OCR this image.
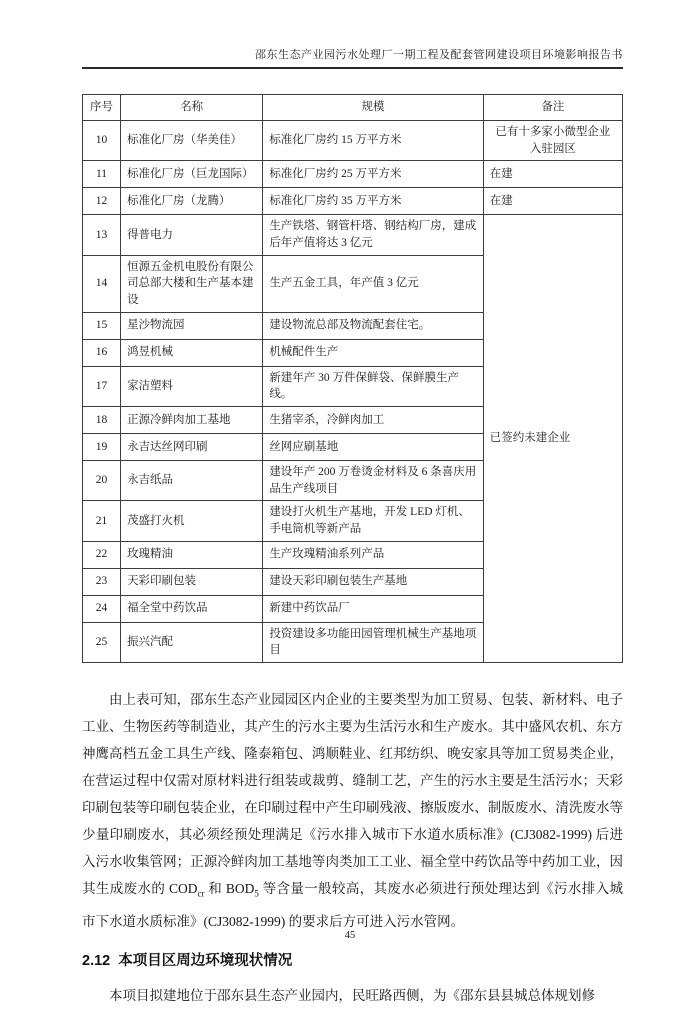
邵东生态产业园污水处理厂一期工程及配套管网建设项目环境影响报告书
序号	名称	规模	备注
10	标准化厂房（华美佳）	标准化厂房约 15 万平方米	已有十多家小微型企业入驻园区
11	标准化厂房（巨龙国际）	标准化厂房约 25 万平方米	在建
12	标准化厂房（龙腾）	标准化厂房约 35 万平方米	在建
13	得普电力	生产铁塔、钢管杆塔、钢结构厂房，建成后年产值将达 3 亿元	已签约未建企业
14	恒源五金机电股份有限公司总部大楼和生产基本建设	生产五金工具，年产值 3 亿元	
15	星沙物流园	建设物流总部及物流配套住宅。	
16	鸿昱机械	机械配件生产	
17	家洁塑料	新建年产 30 万件保鲜袋、保鲜膜生产线。	
18	正源冷鲜肉加工基地	生猪宰杀，冷鲜肉加工	
19	永吉达丝网印刷	丝网应刷基地	
20	永吉纸品	建设年产 200 万卷烫金材料及 6 条喜庆用品生产线项目	
21	茂盛打火机	建设打火机生产基地，开发 LED 灯机、手电筒机等新产品	
22	玫瑰精油	生产玫瑰精油系列产品	
23	天彩印刷包装	建设天彩印刷包装生产基地	
24	福全堂中药饮品	新建中药饮品厂	
25	振兴汽配	投资建设多功能田园管理机械生产基地项目	
由上表可知，邵东生态产业园园区内企业的主要类型为加工贸易、包装、新材料、电子工业、生物医药等制造业，其产生的污水主要为生活污水和生产废水。其中盛风农机、东方神鹰高档五金工具生产线、隆泰箱包、鸿顺鞋业、红邦纺织、晚安家具等加工贸易类企业，在营运过程中仅需对原材料进行组装或裁剪、缝制工艺，产生的污水主要是生活污水；天彩印刷包装等印刷包装企业，在印刷过程中产生印刷残液、擦版废水、制版废水、清洗废水等少量印刷废水，其必须经预处理满足《污水排入城市下水道水质标准》(CJ3082-1999) 后进入污水收集管网；正源冷鲜肉加工基地等肉类加工工业、福全堂中药饮品等中药加工业，因其生成废水的 $COD_{cr}$ 和 $BOD_5$ 等含量一般较高，其废水必须进行预处理达到《污水排入城市下水道水质标准》(CJ3082-1999) 的要求后方可进入污水管网。
2.12 本项目区周边环境现状情况
本项目拟建地位于邵东县生态产业园内，民旺路西侧，为《邵东县县城总体规划修
45
